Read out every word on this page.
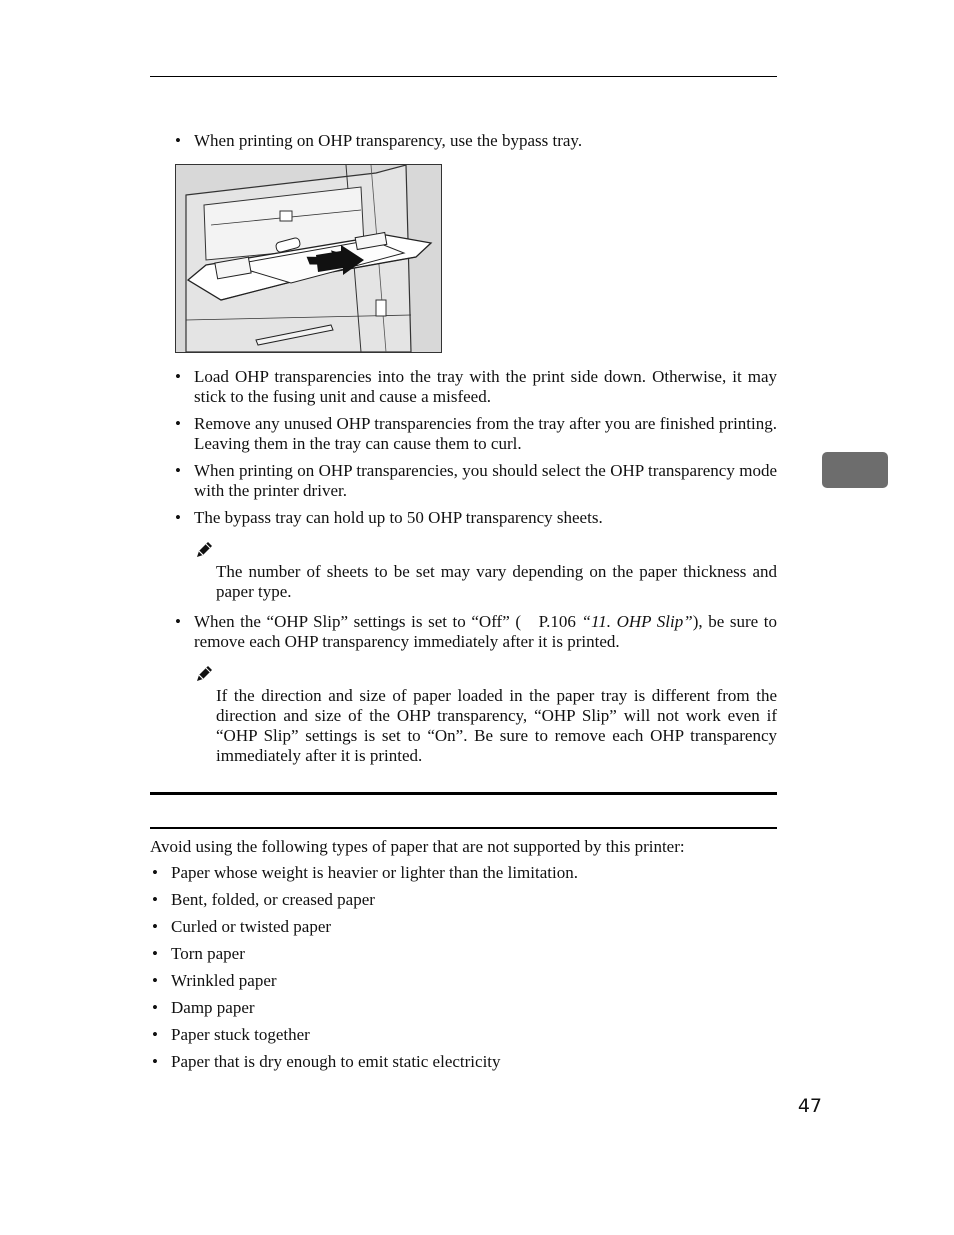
• When printing on OHP transparency, use the bypass tray.
• Load OHP transparencies into the tray with the print side down. Otherwise, it may stick to the fusing unit and cause a misfeed.
• Remove any unused OHP transparencies from the tray after you are finished printing. Leaving them in the tray can cause them to curl.
• When printing on OHP transparencies, you should select the OHP transparency mode with the printer driver.
• The bypass tray can hold up to 50 OHP transparency sheets.
The number of sheets to be set may vary depending on the paper thickness and paper type.
• When the “OHP Slip” settings is set to “Off” ( P.106 “11. OHP Slip”), be sure to remove each OHP transparency immediately after it is printed.
If the direction and size of paper loaded in the paper tray is different from the direction and size of the OHP transparency, “OHP Slip” will not work even if “OHP Slip” settings is set to “On”. Be sure to remove each OHP transparency immediately after it is printed.
Avoid using the following types of paper that are not supported by this printer:
• Paper whose weight is heavier or lighter than the limitation.
• Bent, folded, or creased paper
• Curled or twisted paper
• Torn paper
• Wrinkled paper
• Damp paper
• Paper stuck together
• Paper that is dry enough to emit static electricity
47
